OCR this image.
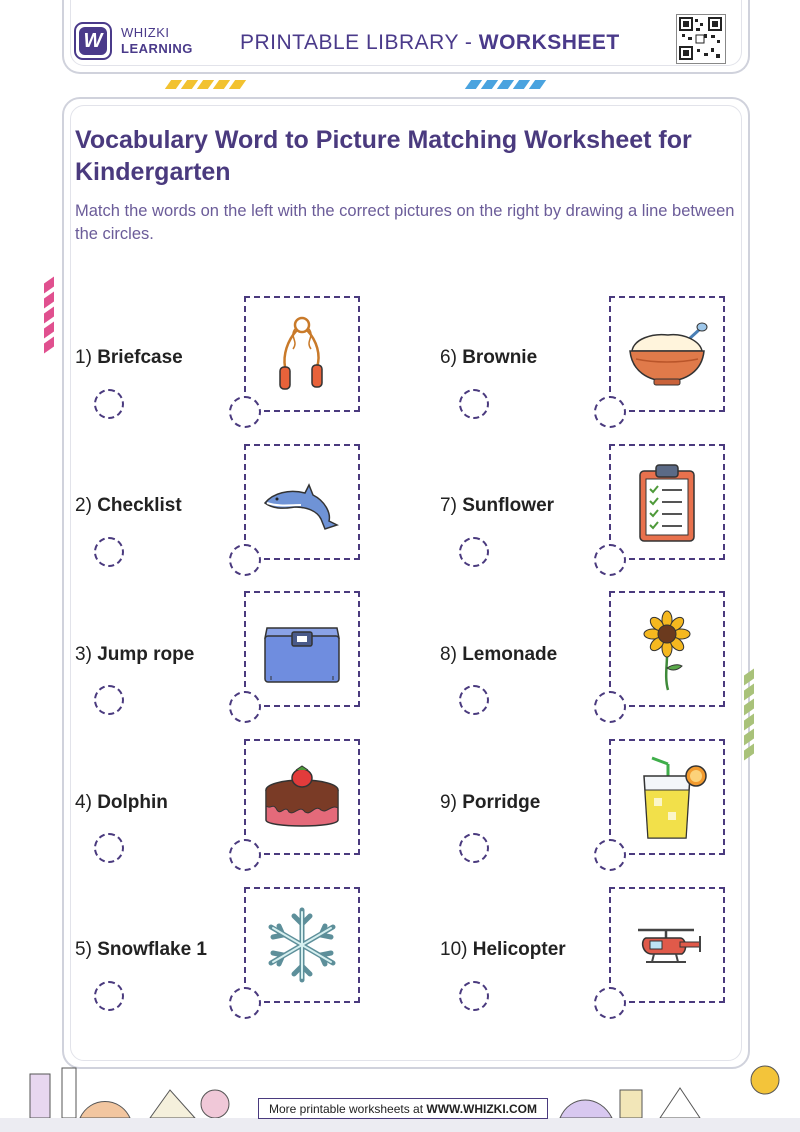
W	WHIZKI
LEARNING PRINTABLE LIBRARY - WORKSHEET
Vocabulary Word to Picture Matching Worksheet for Kindergarten

Match the words on the left with the correct pictures on the right by drawing a line between the circles.

1) Briefcase
2) Checklist
3) Jump rope
4) Dolphin
5) Snowflake 1
6) Brownie
7) Sunflower
8) Lemonade
9) Porridge
10) Helicopter
More printable worksheets at WWW.WHIZKI.COM
